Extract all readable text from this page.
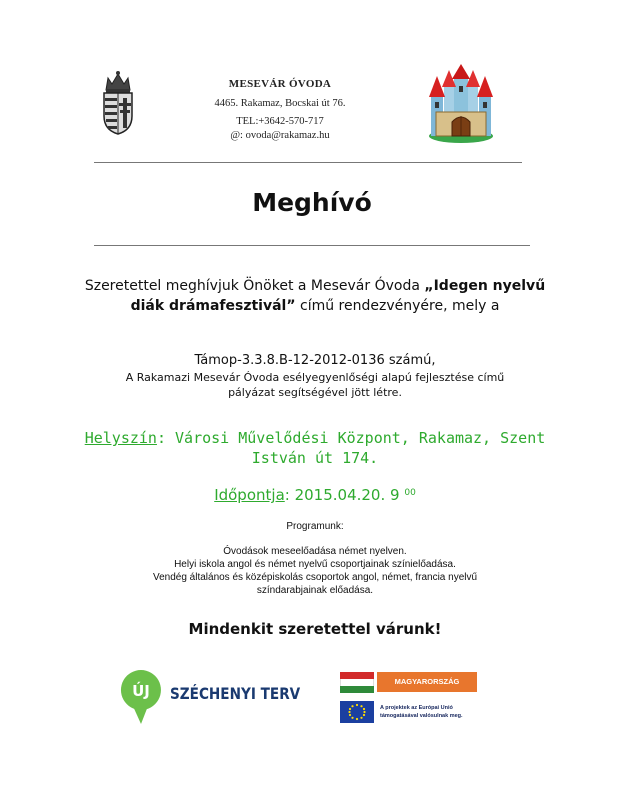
MESEVÁR ÓVODA
4465. Rakamaz, Bocskai út 76.
TEL:+3642-570-717
@: ovoda@rakamaz.hu
Meghívó
Szeretettel meghívjuk Önöket a Mesevár Óvoda „Idegen nyelvű diák drámafesztivál” című rendezvényére, mely a
Támop-3.3.8.B-12-2012-0136 számú,
A Rakamazi Mesevár Óvoda esélyegyenlőségi alapú fejlesztése című pályázat segítségével jött létre.
Helyszín: Városi Művelődési Központ, Rakamaz, Szent István út 174.
Időpontja: 2015.04.20. 9 $^{00}$
Programunk:
Óvodások meseelőadása német nyelven.
Helyi iskola angol és német nyelvű csoportjainak színielőadása.
Vendég általános és középiskolás csoportok angol, német, francia nyelvű színdarabjainak előadása.
Mindenkit szeretettel várunk!
ÚJ SZÉCHENYI TERV
MAGYARORSZÁG MEGÚJUL
A projektek az Európai Unió támogatásával valósulnak meg.
